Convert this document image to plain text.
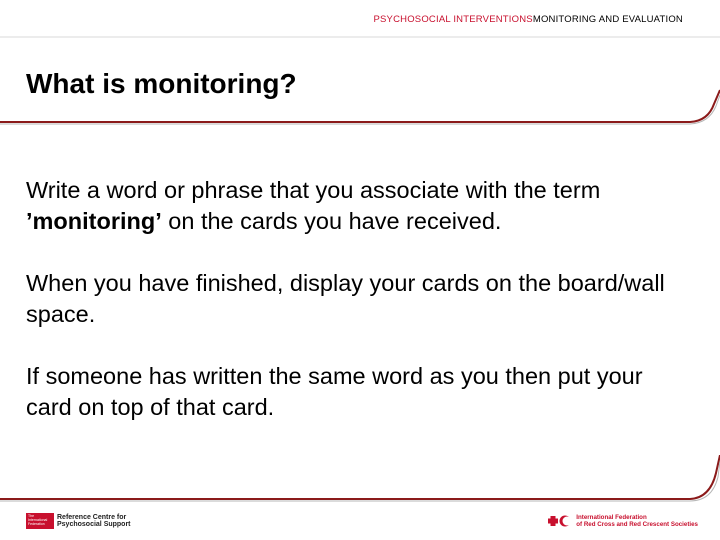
PSYCHOSOCIAL INTERVENTIONSMONITORING AND EVALUATION
What is monitoring?

Write a word or phrase that you associate with the term ’monitoring’ on the cards you have received.

When you have finished, display your cards on the board/wall space.

If someone has written the same word as you then put your card on top of that card.

The International Federation
Reference Centre for
Psychosocial Support
International Federation
of Red Cross and Red Crescent Societies
